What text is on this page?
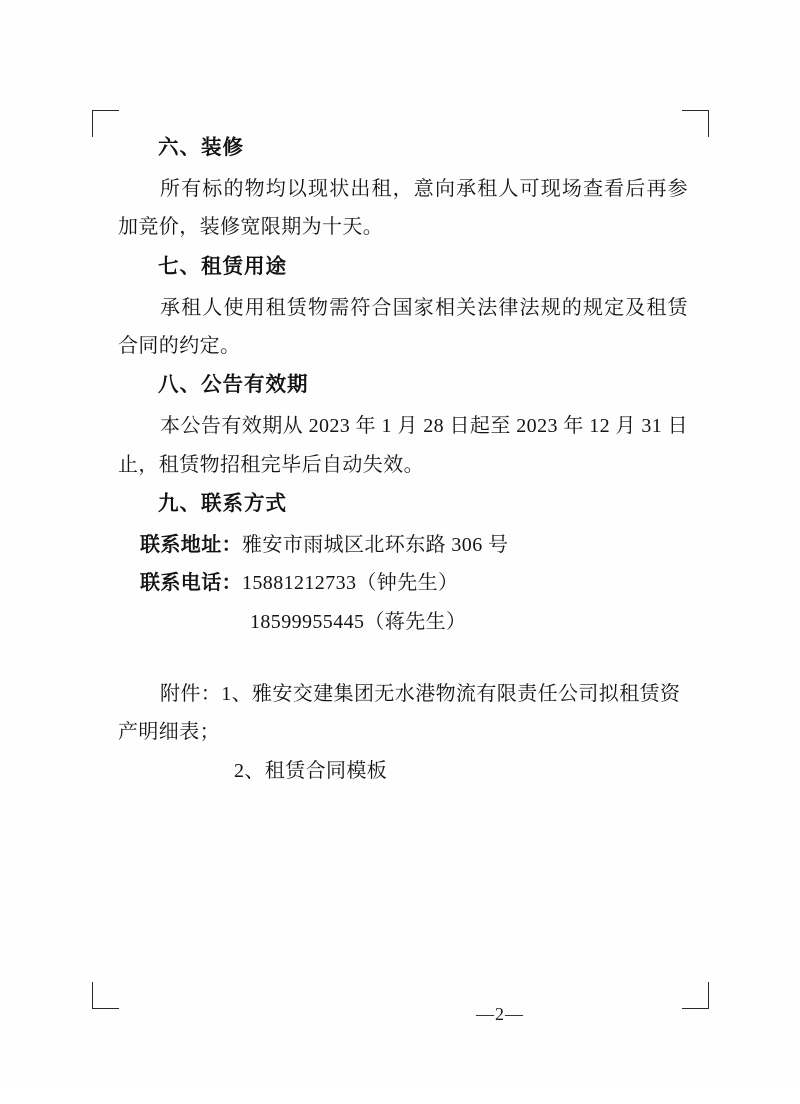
六、装修

所有标的物均以现状出租，意向承租人可现场查看后再参加竞价，装修宽限期为十天。

七、租赁用途

承租人使用租赁物需符合国家相关法律法规的规定及租赁合同的约定。

八、公告有效期

本公告有效期从 2023 年 1 月 28 日起至 2023 年 12 月 31 日止，租赁物招租完毕后自动失效。

九、联系方式

联系地址：雅安市雨城区北环东路 306 号

联系电话：15881212733（钟先生）

18599955445（蒋先生）

附件：1、雅安交建集团无水港物流有限责任公司拟租赁资产明细表；

2、租赁合同模板

—2—
